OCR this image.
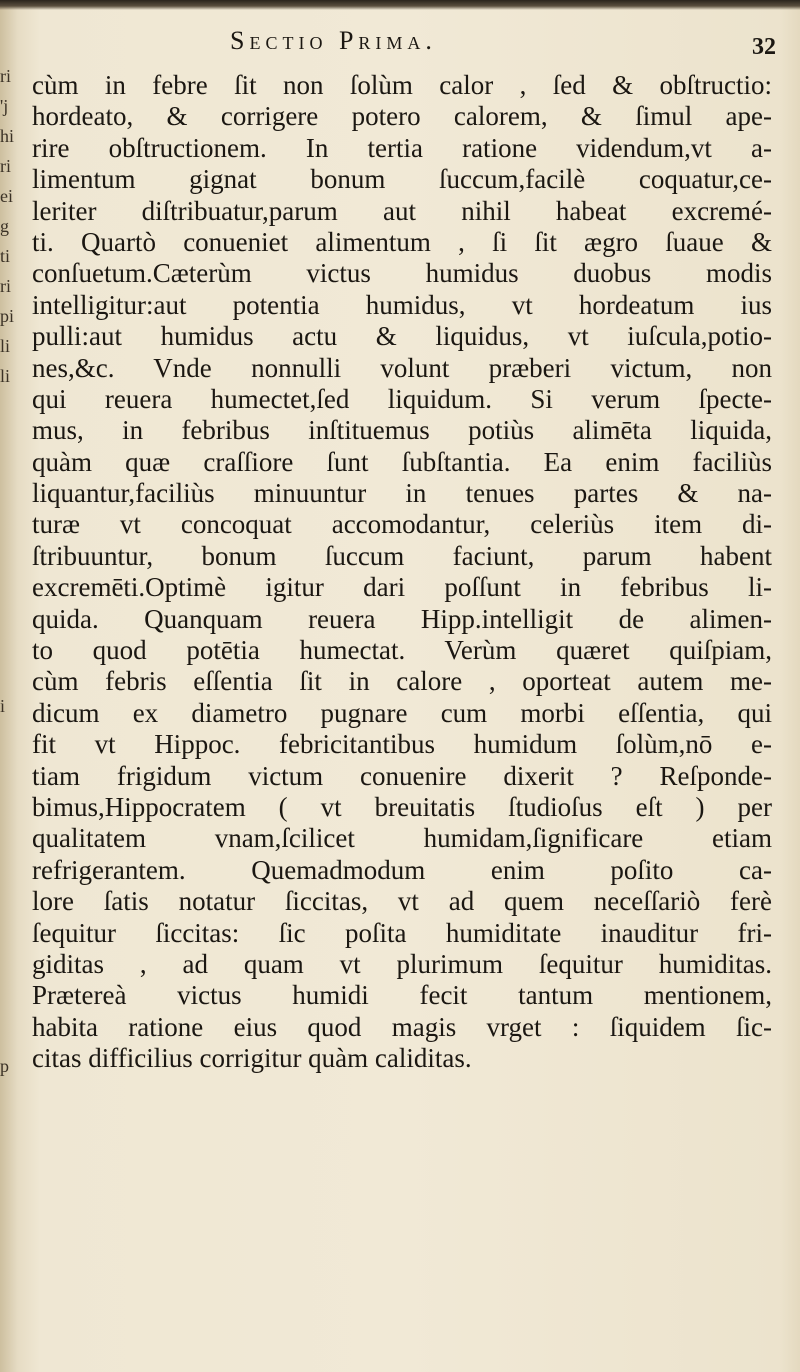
Sectio Prima.	32
ri
'j
hi
ri
ei
g
ti
ri
pi
li
li
i
p
cùm in febre ſit non ſolùm calor , ſed & obſtructio:
hordeato, & corrigere potero calorem, & ſimul ape-
rire obſtructionem. In tertia ratione videndum,vt a-
limentum gignat bonum ſuccum,facilè coquatur,ce-
leriter diſtribuatur,parum aut nihil habeat excremé-
ti. Quartò conueniet alimentum , ſi ſit ægro ſuaue &
conſuetum.Cæterùm victus humidus duobus modis
intelligitur:aut potentia humidus, vt hordeatum ius
pulli:aut humidus actu & liquidus, vt iuſcula,potio-
nes,&c. Vnde nonnulli volunt præberi victum, non
qui reuera humectet,ſed liquidum. Si verum ſpecte-
mus, in febribus inſtituemus potiùs alimēta liquida,
quàm quæ craſſiore ſunt ſubſtantia. Ea enim faciliùs
liquantur,faciliùs minuuntur in tenues partes & na-
turæ vt concoquat accomodantur, celeriùs item di-
ſtribuuntur, bonum ſuccum faciunt, parum habent
excremēti.Optimè igitur dari poſſunt in febribus li-
quida. Quanquam reuera Hipp.intelligit de alimen-
to quod potētia humectat. Verùm quæret quiſpiam,
cùm febris eſſentia ſit in calore , oporteat autem me-
dicum ex diametro pugnare cum morbi eſſentia, qui
fit vt Hippoc. febricitantibus humidum ſolùm,nō e-
tiam frigidum victum conuenire dixerit ? Reſponde-
bimus,Hippocratem ( vt breuitatis ſtudioſus eſt ) per
qualitatem vnam,ſcilicet humidam,ſignificare etiam
refrigerantem. Quemadmodum enim poſito ca-
lore ſatis notatur ſiccitas, vt ad quem neceſſariò ferè
ſequitur ſiccitas: ſic poſita humiditate inauditur fri-
giditas , ad quam vt plurimum ſequitur humiditas.
Prætereà victus humidi fecit tantum mentionem,
habita ratione eius quod magis vrget : ſiquidem ſic-
citas difficilius corrigitur quàm caliditas.
